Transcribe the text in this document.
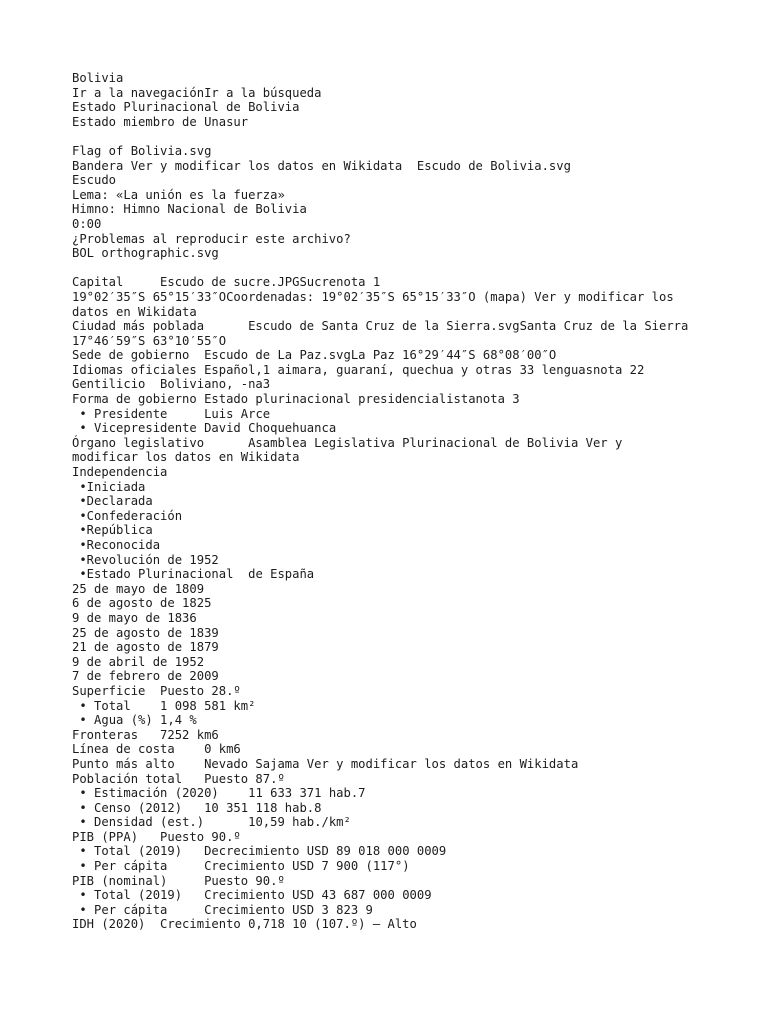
Bolivia
Ir a la navegaciónIr a la búsqueda
Estado Plurinacional de Bolivia
Estado miembro de Unasur
Flag of Bolivia.svg
Bandera Ver y modificar los datos en Wikidata  Escudo de Bolivia.svg
Escudo
Lema: «La unión es la fuerza»
Himno: Himno Nacional de Bolivia
0:00
¿Problemas al reproducir este archivo?
BOL orthographic.svg
Capital     Escudo de sucre.JPGSucrenota 1
19°02′35″S 65°15′33″OCoordenadas: 19°02′35″S 65°15′33″O (mapa) Ver y modificar los datos en Wikidata
Ciudad más poblada      Escudo de Santa Cruz de la Sierra.svgSanta Cruz de la Sierra 17°46′59″S 63°10′55″O
Sede de gobierno  Escudo de La Paz.svgLa Paz 16°29′44″S 68°08′00″O
Idiomas oficiales Español,1 aimara, guaraní, quechua y otras 33 lenguasnota 22
Gentilicio  Boliviano, -na3
Forma de gobierno Estado plurinacional presidencialistanota 3
• Presidente     Luis Arce
• Vicepresidente David Choquehuanca
Órgano legislativo      Asamblea Legislativa Plurinacional de Bolivia Ver y modificar los datos en Wikidata
Independencia
•Iniciada
•Declarada
•Confederación
•República
•Reconocida
•Revolución de 1952
•Estado Plurinacional  de España
25 de mayo de 1809
6 de agosto de 1825
9 de mayo de 1836
25 de agosto de 1839
21 de agosto de 1879
9 de abril de 1952
7 de febrero de 2009
Superficie  Puesto 28.º
• Total    1 098 581 km²
• Agua (%) 1,4 %
Fronteras   7252 km6
Línea de costa    0 km6
Punto más alto    Nevado Sajama Ver y modificar los datos en Wikidata
Población total   Puesto 87.º
• Estimación (2020)    11 633 371 hab.7
• Censo (2012)   10 351 118 hab.8
• Densidad (est.)      10,59 hab./km²
PIB (PPA)   Puesto 90.º
• Total (2019)   Decrecimiento USD 89 018 000 0009
• Per cápita     Crecimiento USD 7 900 (117°)
PIB (nominal)     Puesto 90.º
• Total (2019)   Crecimiento USD 43 687 000 0009
• Per cápita     Crecimiento USD 3 823 9
IDH (2020)  Crecimiento 0,718 10 (107.º) – Alto
